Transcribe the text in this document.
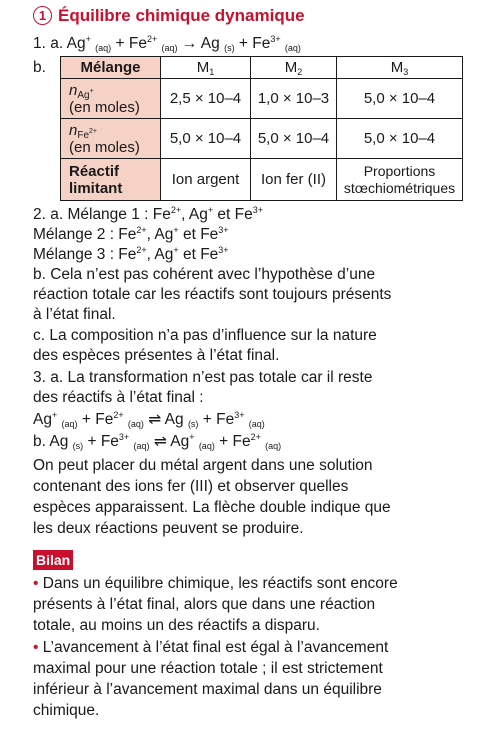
1 Équilibre chimique dynamique
1. a. Ag+ $_{(aq)} + Fe^{2+}$ $_{(aq)}$ → Ag $_{(s)} + Fe^{3+}$ $_{(aq)}$
b. Mélange	$M_1$	$M_2$	$M_3$
$n_{Ag^+}$
(en moles)	2,5 × 10–4	1,0 × 10–3	5,0 × 10–4
$n_{Fe^{2+}}$
(en moles)	5,0 × 10–4	5,0 × 10–4	5,0 × 10–4
Réactif
limitant	Ion argent	Ion fer (II)	Proportions
stœchiométriques
2. a. Mélange 1 : $Fe^{2+}$, Ag+ et $Fe^{3+}$
Mélange 2 : $Fe^{2+}$, Ag+ et $Fe^{3+}$
Mélange 3 : $Fe^{2+}$, Ag+ et $Fe^{3+}$
b. Cela n’est pas cohérent avec l’hypothèse d’une
réaction totale car les réactifs sont toujours présents
à l’état final.
c. La composition n’a pas d’influence sur la nature
des espèces présentes à l’état final.
3. a. La transformation n’est pas totale car il reste
des réactifs à l’état final :
Ag+ $_{(aq)} + Fe^{2+}$ $_{(aq)}$ ⇌ Ag $_{(s)} + Fe^{3+}$ $_{(aq)}$
b. Ag $_{(s)} + Fe^{3+}$ $_{(aq)}$ ⇌ Ag+ $_{(aq)} + Fe^{2+}$ $_{(aq)}$
On peut placer du métal argent dans une solution
contenant des ions fer (III) et observer quelles
espèces apparaissent. La flèche double indique que
les deux réactions peuvent se produire.
Bilan
• Dans un équilibre chimique, les réactifs sont encore
présents à l’état final, alors que dans une réaction
totale, au moins un des réactifs a disparu.
• L’avancement à l’état final est égal à l’avancement
maximal pour une réaction totale ; il est strictement
inférieur à l’avancement maximal dans un équilibre
chimique.
